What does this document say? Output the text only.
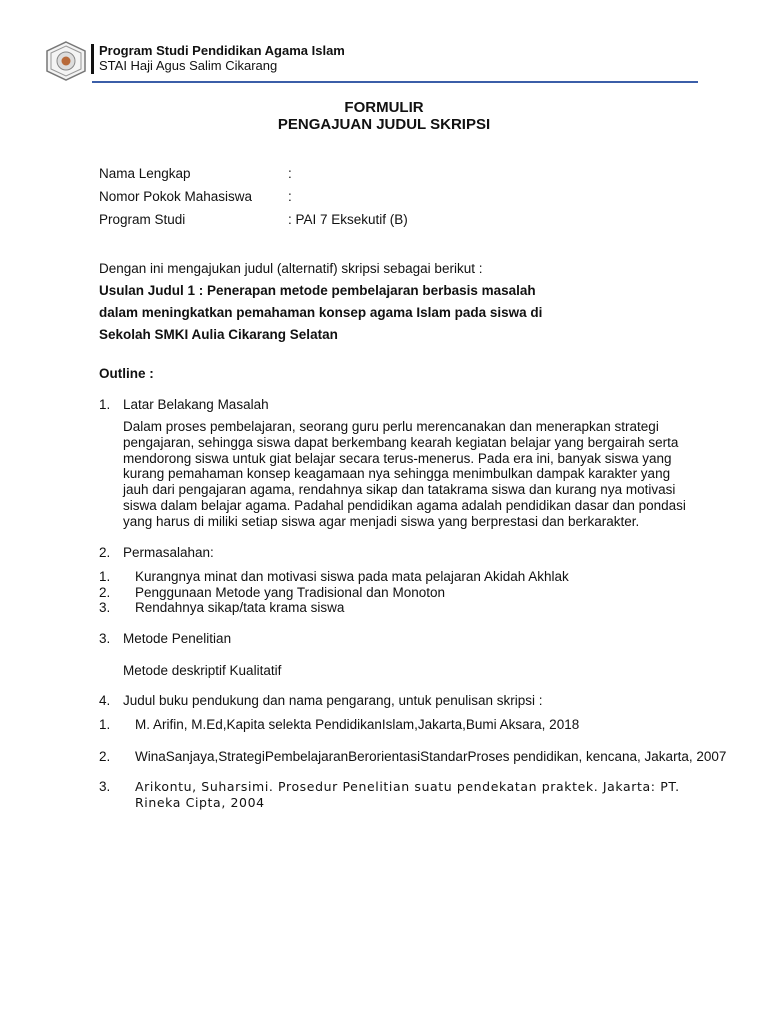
Program Studi Pendidikan Agama Islam
STAI Haji Agus Salim Cikarang
FORMULIR
PENGAJUAN JUDUL SKRIPSI
Nama Lengkap	:
Nomor Pokok Mahasiswa	:
Program Studi	: PAI 7 Eksekutif (B)
Dengan ini mengajukan judul (alternatif) skripsi sebagai berikut :
Usulan Judul 1 : Penerapan metode pembelajaran berbasis masalah
dalam meningkatkan pemahaman konsep agama Islam pada siswa di
Sekolah SMKI Aulia Cikarang Selatan
Outline :
1. Latar Belakang Masalah
Dalam proses pembelajaran, seorang guru perlu merencanakan dan menerapkan strategi pengajaran, sehingga siswa dapat berkembang kearah kegiatan belajar yang bergairah serta mendorong siswa untuk giat belajar secara terus-menerus. Pada era ini, banyak siswa yang kurang pemahaman konsep keagamaan nya sehingga menimbulkan dampak karakter yang jauh dari pengajaran agama, rendahnya sikap dan tatakrama siswa dan kurang nya motivasi siswa dalam belajar agama. Padahal pendidikan agama adalah pendidikan dasar dan pondasi yang harus di miliki setiap siswa agar menjadi siswa yang berprestasi dan berkarakter.
2. Permasalahan:
1. Kurangnya minat dan motivasi siswa pada mata pelajaran Akidah Akhlak
2. Penggunaan Metode yang Tradisional dan Monoton
3. Rendahnya sikap/tata krama siswa
3. Metode Penelitian
Metode deskriptif Kualitatif
4. Judul buku pendukung dan nama pengarang, untuk penulisan skripsi :
1. M. Arifin, M.Ed,Kapita selekta PendidikanIslam,Jakarta,Bumi Aksara, 2018
2. WinaSanjaya,StrategiPembelajaranBerorientasiStandarProses pendidikan, kencana, Jakarta, 2007
3. Arikontu, Suharsimi. Prosedur Penelitian suatu pendekatan praktek. Jakarta: PT.
Rineka Cipta, 2004
